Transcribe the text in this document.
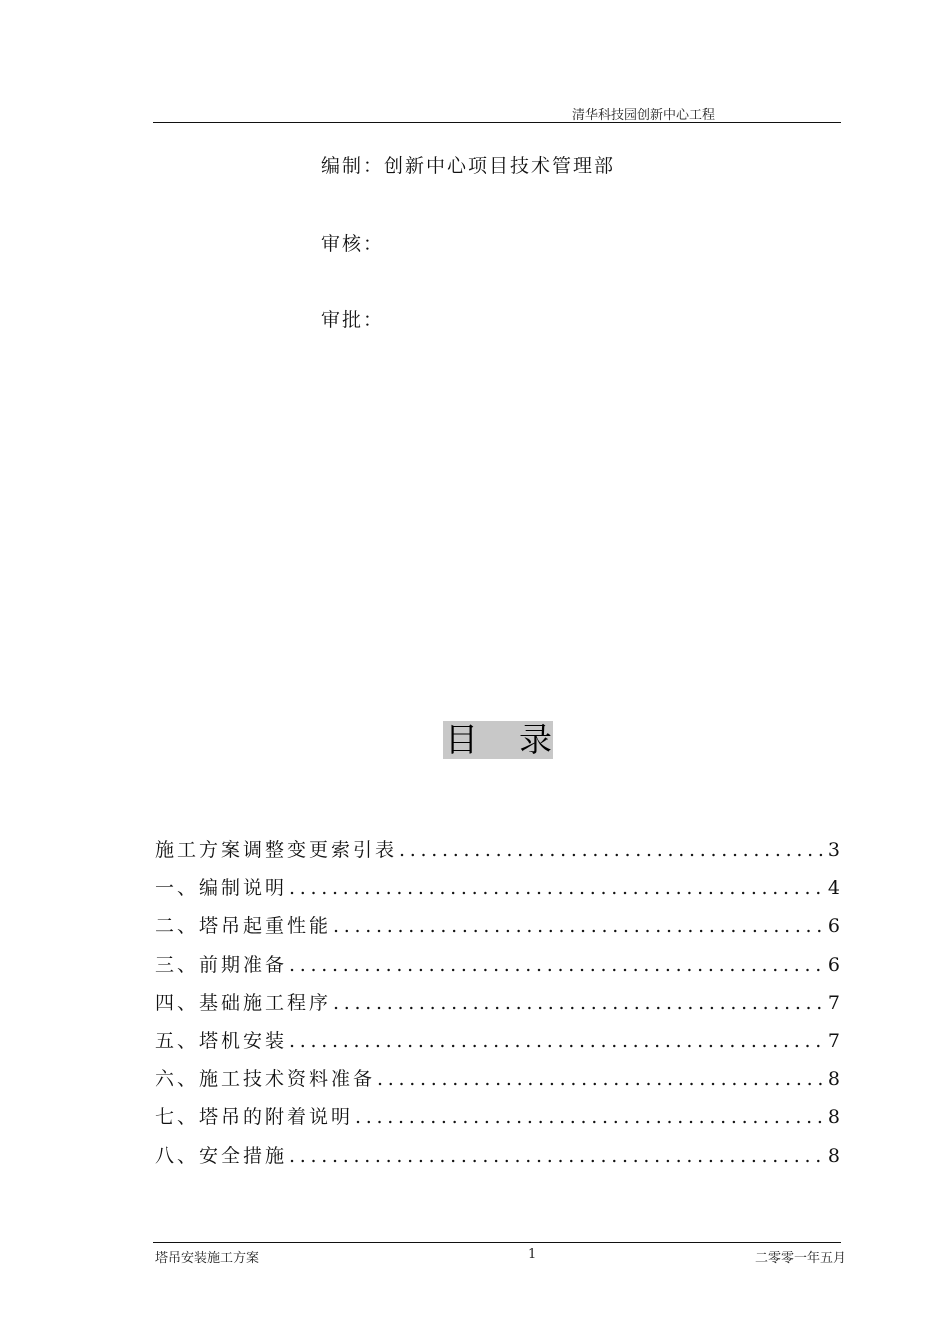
清华科技园创新中心工程
编制：创新中心项目技术管理部
审核：
审批：
目 录
施工方案调整变更索引表 .....	3
一、编制说明 .....	4
二、塔吊起重性能 .....	6
三、前期准备 .....	6
四、基础施工程序 .....	7
五、塔机安装 .....	7
六、施工技术资料准备 .....	8
七、塔吊的附着说明 .....	8
八、安全措施 .....	8
塔吊安装施工方案	1	二零零一年五月
